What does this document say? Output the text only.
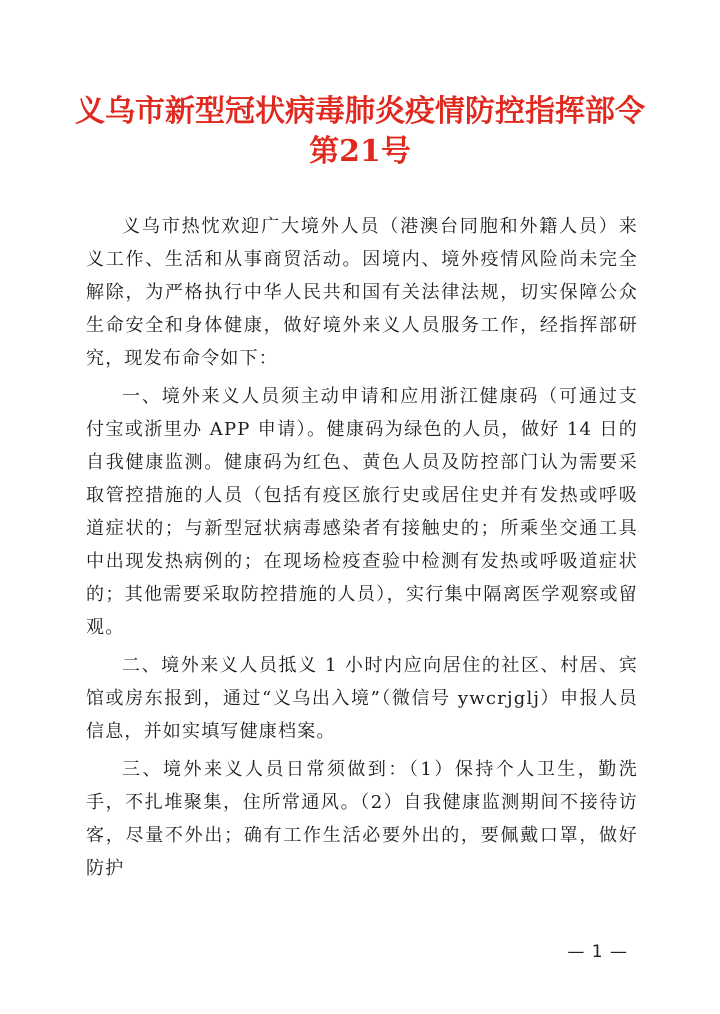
义乌市新型冠状病毒肺炎疫情防控指挥部令
第21号

义乌市热忱欢迎广大境外人员（港澳台同胞和外籍人员）来义工作、生活和从事商贸活动。因境内、境外疫情风险尚未完全解除，为严格执行中华人民共和国有关法律法规，切实保障公众生命安全和身体健康，做好境外来义人员服务工作，经指挥部研究，现发布命令如下：

一、境外来义人员须主动申请和应用浙江健康码（可通过支付宝或浙里办 APP 申请）。健康码为绿色的人员，做好 14 日的自我健康监测。健康码为红色、黄色人员及防控部门认为需要采取管控措施的人员（包括有疫区旅行史或居住史并有发热或呼吸道症状的；与新型冠状病毒感染者有接触史的；所乘坐交通工具中出现发热病例的；在现场检疫查验中检测有发热或呼吸道症状的；其他需要采取防控措施的人员），实行集中隔离医学观察或留观。

二、境外来义人员抵义 1 小时内应向居住的社区、村居、宾馆或房东报到，通过“义乌出入境”（微信号 ywcrjglj）申报人员信息，并如实填写健康档案。

三、境外来义人员日常须做到：（1）保持个人卫生，勤洗手，不扎堆聚集，住所常通风。（2）自我健康监测期间不接待访客，尽量不外出；确有工作生活必要外出的，要佩戴口罩，做好防护

— 1 —
